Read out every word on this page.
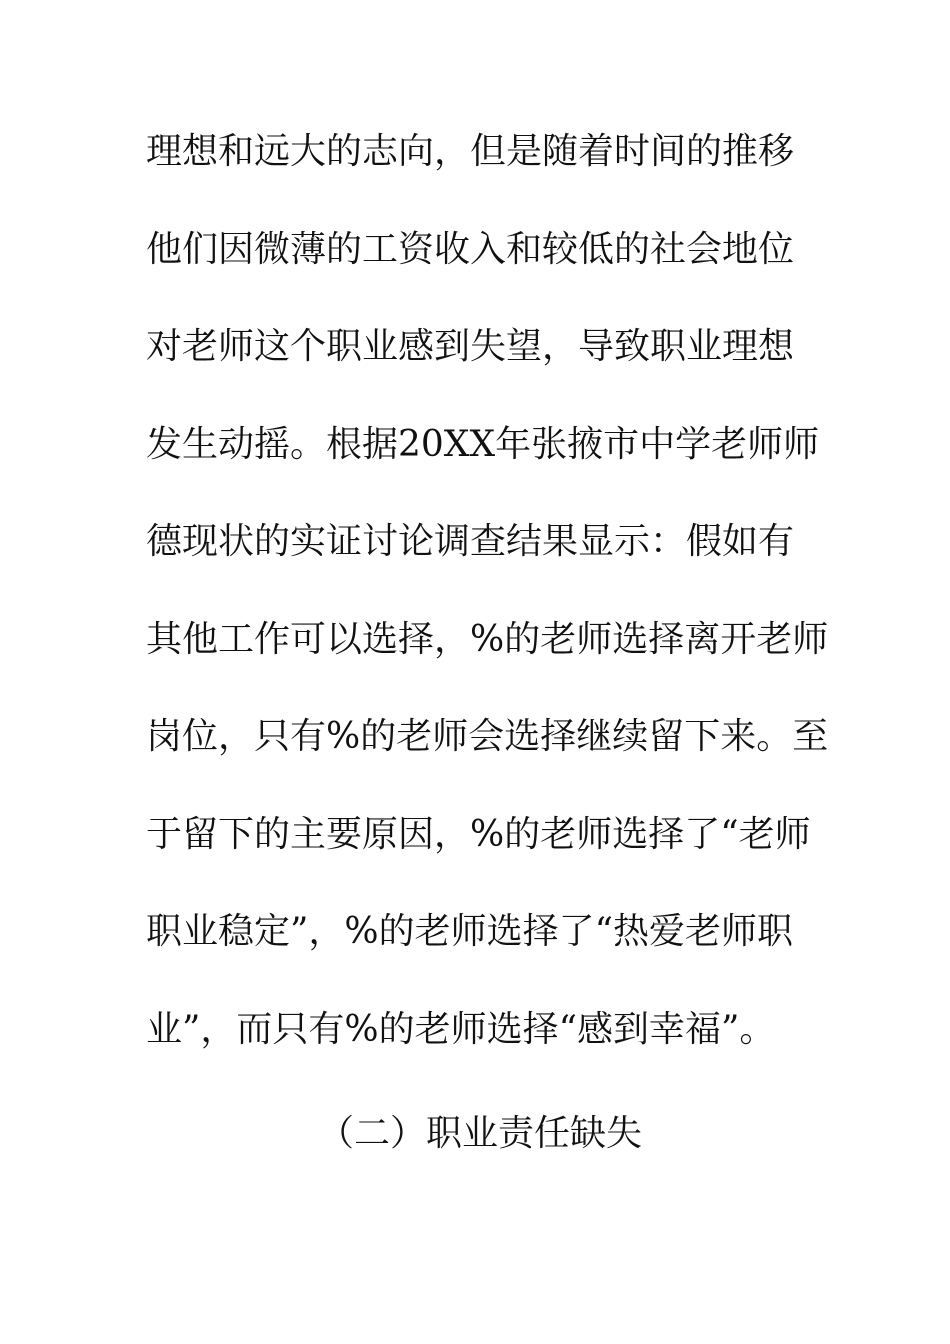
理想和远大的志向，但是随着时间的推移
他们因微薄的工资收入和较低的社会地位
对老师这个职业感到失望，导致职业理想
发生动摇。根据20XX年张掖市中学老师师
德现状的实证讨论调查结果显示：假如有
其他工作可以选择，%的老师选择离开老师
岗位，只有%的老师会选择继续留下来。至
于留下的主要原因，%的老师选择了“老师
职业稳定”，%的老师选择了“热爱老师职
业”，而只有%的老师选择“感到幸福”。
（二）职业责任缺失
